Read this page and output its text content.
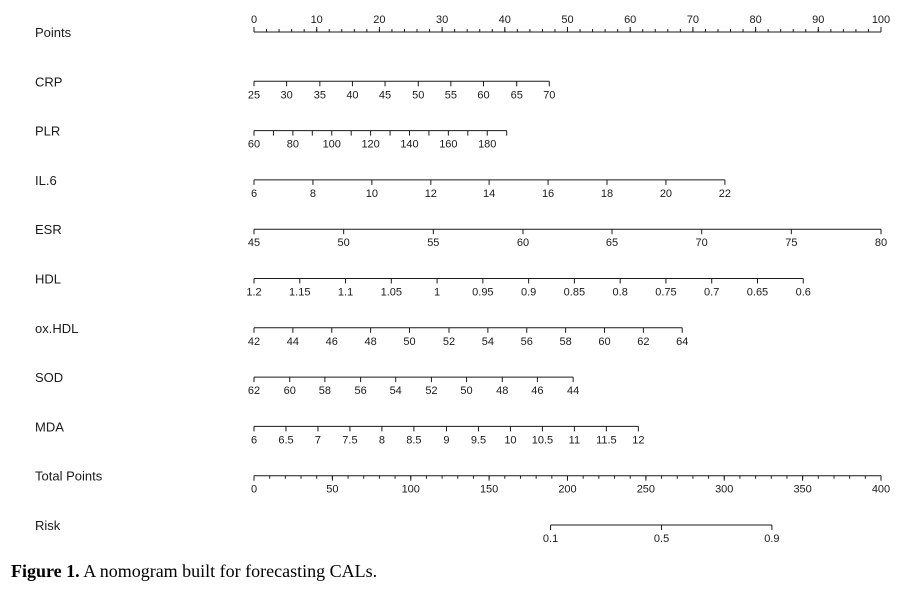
Points
0	10	20	30	40	50	60	70	80	90	100
CRP
25 30 35 40 45 50 55 60 65 70
PLR
60 80 100 120 140 160 180
IL.6
6	8	10	12	14	16	18	20	22
ESR
45	50	55	60	65	70	75	80
HDL
1.2 1.15 1.1 1.05	1	0.95 0.9 0.85 0.8 0.75 0.7 0.65 0.6
ox.HDL
42 44 46 48 50 52 54 56 58 60 62 64
SOD
62 60 58 56 54 52 50 48 46 44
MDA
6 6.5 7 7.5 8 8.5 9 9.5 10 10.5 11 11.5 12
Total Points
0	50	100	150	200	250	300	350	400
Risk
0.1	0.5	0.9
Figure 1. A nomogram built for forecasting CALs.
